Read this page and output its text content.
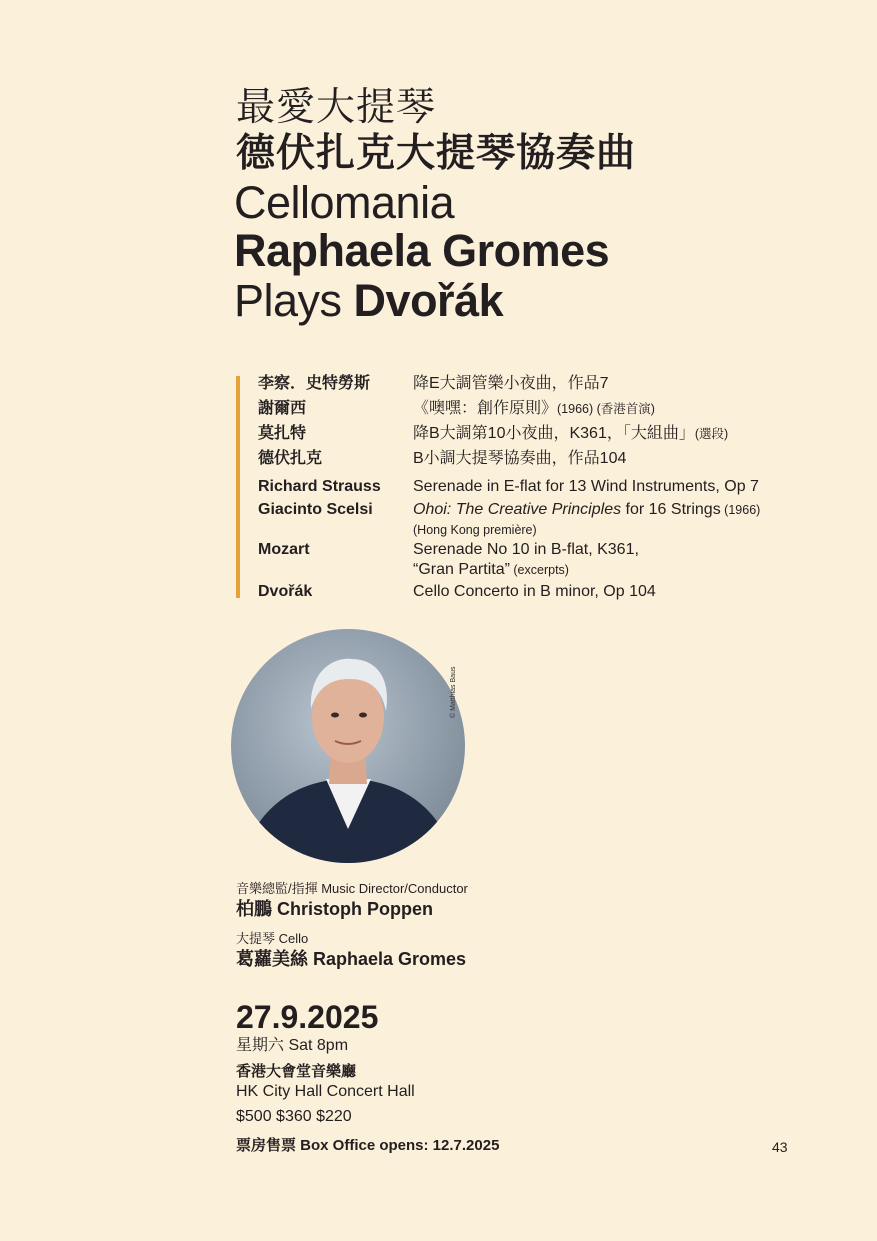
最愛大提琴
德伏扎克大提琴協奏曲
Cellomania
Raphaela Gromes
Plays Dvořák
李察．史特勞斯	降E大調管樂小夜曲，作品7
謝爾西	《噢嘿：創作原則》(1966) (香港首演)
莫扎特	降B大調第10小夜曲，K361，「大組曲」(選段)
德伏扎克	B小調大提琴協奏曲，作品104
Richard Strauss	Serenade in E-flat for 13 Wind Instruments, Op 7
Giacinto Scelsi	Ohoi: The Creative Principles for 16 Strings (1966)
(Hong Kong première)
Mozart	Serenade No 10 in B-flat, K361,
“Gran Partita” (excerpts)
Dvořák	Cello Concerto in B minor, Op 104
© Matthias Baus
音樂總監/指揮 Music Director/Conductor
柏鵬 Christoph Poppen
大提琴 Cello
葛蘿美絲 Raphaela Gromes
27.9.2025
星期六 Sat 8pm
香港大會堂音樂廳
HK City Hall Concert Hall
$500 $360 $220
票房售票 Box Office opens: 12.7.2025	43
